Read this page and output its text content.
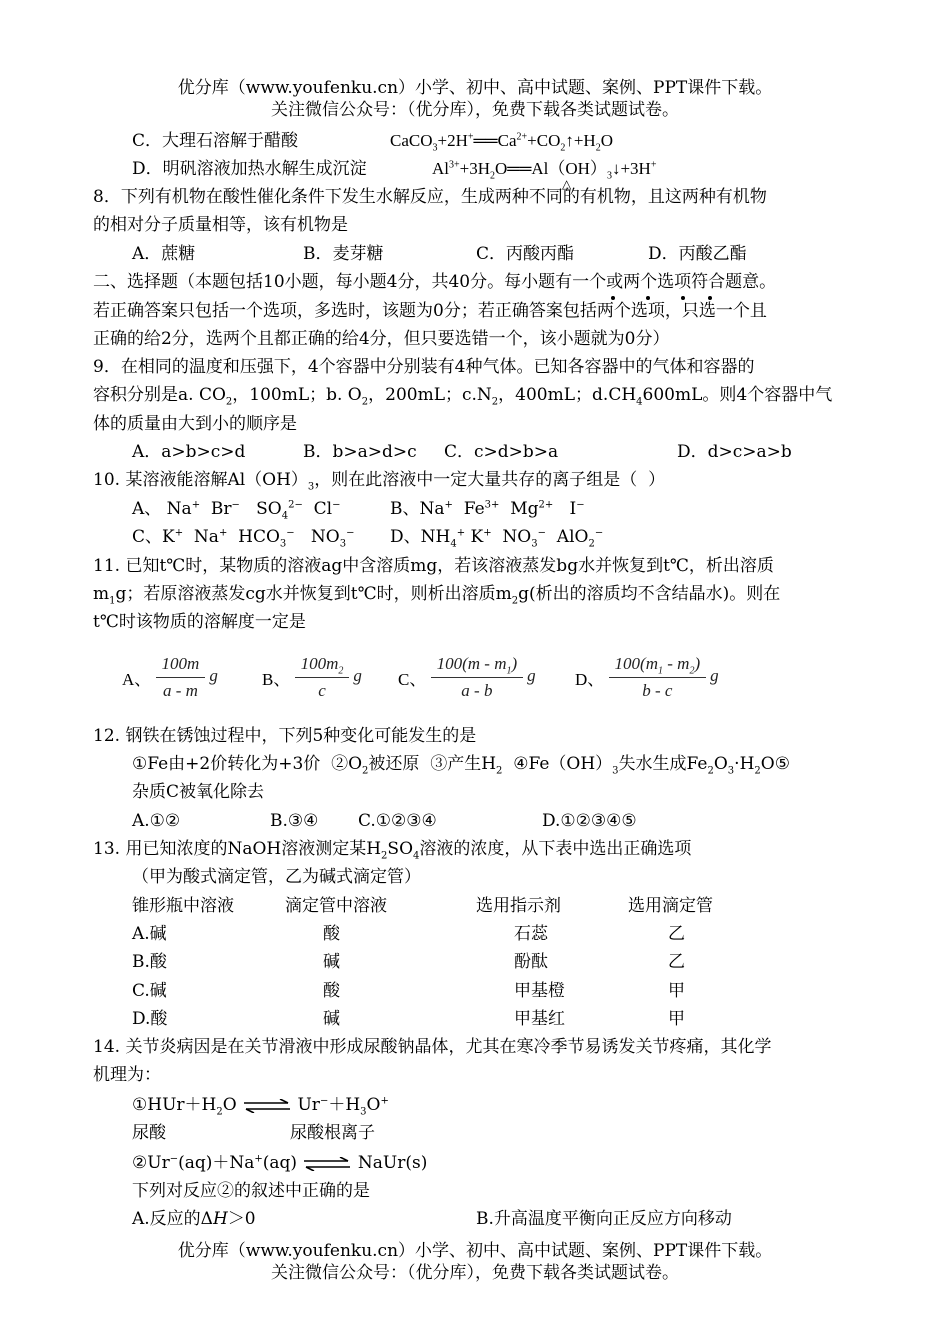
优分库（www.youfenku.cn）小学、初中、高中试题、案例、PPT课件下载。
关注微信公众号：（优分库），免费下载各类试题试卷。
C．大理石溶解于醋酸	$CaCO_3+2H^+══Ca^{2+}+CO_2↑+H_2O$
D．明矾溶液加热水解生成沉淀	$Al^{3+}+3H_2O══Al(OH)_3↓+3H^+$
△
8．下列有机物在酸性催化条件下发生水解反应，生成两种不同的有机物，且这两种有机物
的相对分子质量相等，该有机物是
A．蔗糖	B．麦芽糖	C．丙酸丙酯	D．丙酸乙酯
二、选择题（本题包括10小题，每小题4分，共40分。每小题有一个或两个选项符合题意。
若正确答案只包括一个选项，多选时，该题为0分；若正确答案包括两个选项，只选一个且
正确的给2分，选两个且都正确的给4分，但只要选错一个，该小题就为0分）
9．在相同的温度和压强下，4个容器中分别装有4种气体。已知各容器中的气体和容器的
容积分别是a. $CO_2$，100mL；b. $O_2$，200mL；$c.N_2$，400mL；$d.CH_4600mL$。则4个容器中气
体的质量由大到小的顺序是
A．a>b>c>d	B．b>a>d>c C．c>d>b>a	D．d>c>a>b
10. 某溶液能溶解$Al(OH)_3$，则在此溶液中一定大量共存的离子组是（  ）
A、 Na+  Br−   $SO_4^{2-}$  Cl−	B、Na+  $Fe^{3+}$  $Mg^{2+}$   I−
C、K+  Na+  $HCO_3^-$   $NO_3^-$ D、$NH_4^+$ K+  $NO_3^-$  AlO$_2$−
11. 已知t℃时，某物质的溶液ag中含溶质mg，若该溶液蒸发bg水并恢复到t℃，析出溶质
$m_1g$；若原溶液蒸发cg水并恢复到t℃时，则析出溶质$m_2g$(析出的溶质均不含结晶水)。则在
t℃时该物质的溶解度一定是
A、 $\frac{100m}{a - m}$ g	B、 $\frac{100m_2}{c}$ g C、 $\frac{100(m - m_1)}{a - b}$ g D、 $\frac{100(m_1 - m_2)}{b - c}$ g
12. 钢铁在锈蚀过程中，下列5种变化可能发生的是
①Fe由+2价转化为+3价  $②O_2$被还原  ③产生$H_2$  $④Fe(OH)_3$失水生成$Fe_2O_3\cdot H_2O⑤$
杂质C被氧化除去
A.①②	B.③④ C.①②③④	D.①②③④⑤
13. 用已知浓度的NaOH溶液测定某$H_2SO_4$溶液的浓度，从下表中选出正确选项
（甲为酸式滴定管，乙为碱式滴定管）
锥形瓶中溶液	滴定管中溶液	选用指示剂	选用滴定管
A.碱	酸	石蕊	乙
B.酸	碱	酚酞	乙
C.碱	酸	甲基橙	甲
D.酸	碱	甲基红	甲
14. 关节炎病因是在关节滑液中形成尿酸钠晶体，尤其在寒冷季节易诱发关节疼痛，其化学
机理为：
$①HUr+H_2O$ ⇌ $Ur^-+H_3O^+$
尿酸	尿酸根离子
②Ur−(aq)＋Na+(aq) ⇌ NaUr(s)
下列对反应②的叙述中正确的是
A.反应的ΔH＞0	B.升高温度平衡向正反应方向移动
优分库（www.youfenku.cn）小学、初中、高中试题、案例、PPT课件下载。
关注微信公众号：（优分库），免费下载各类试题试卷。
